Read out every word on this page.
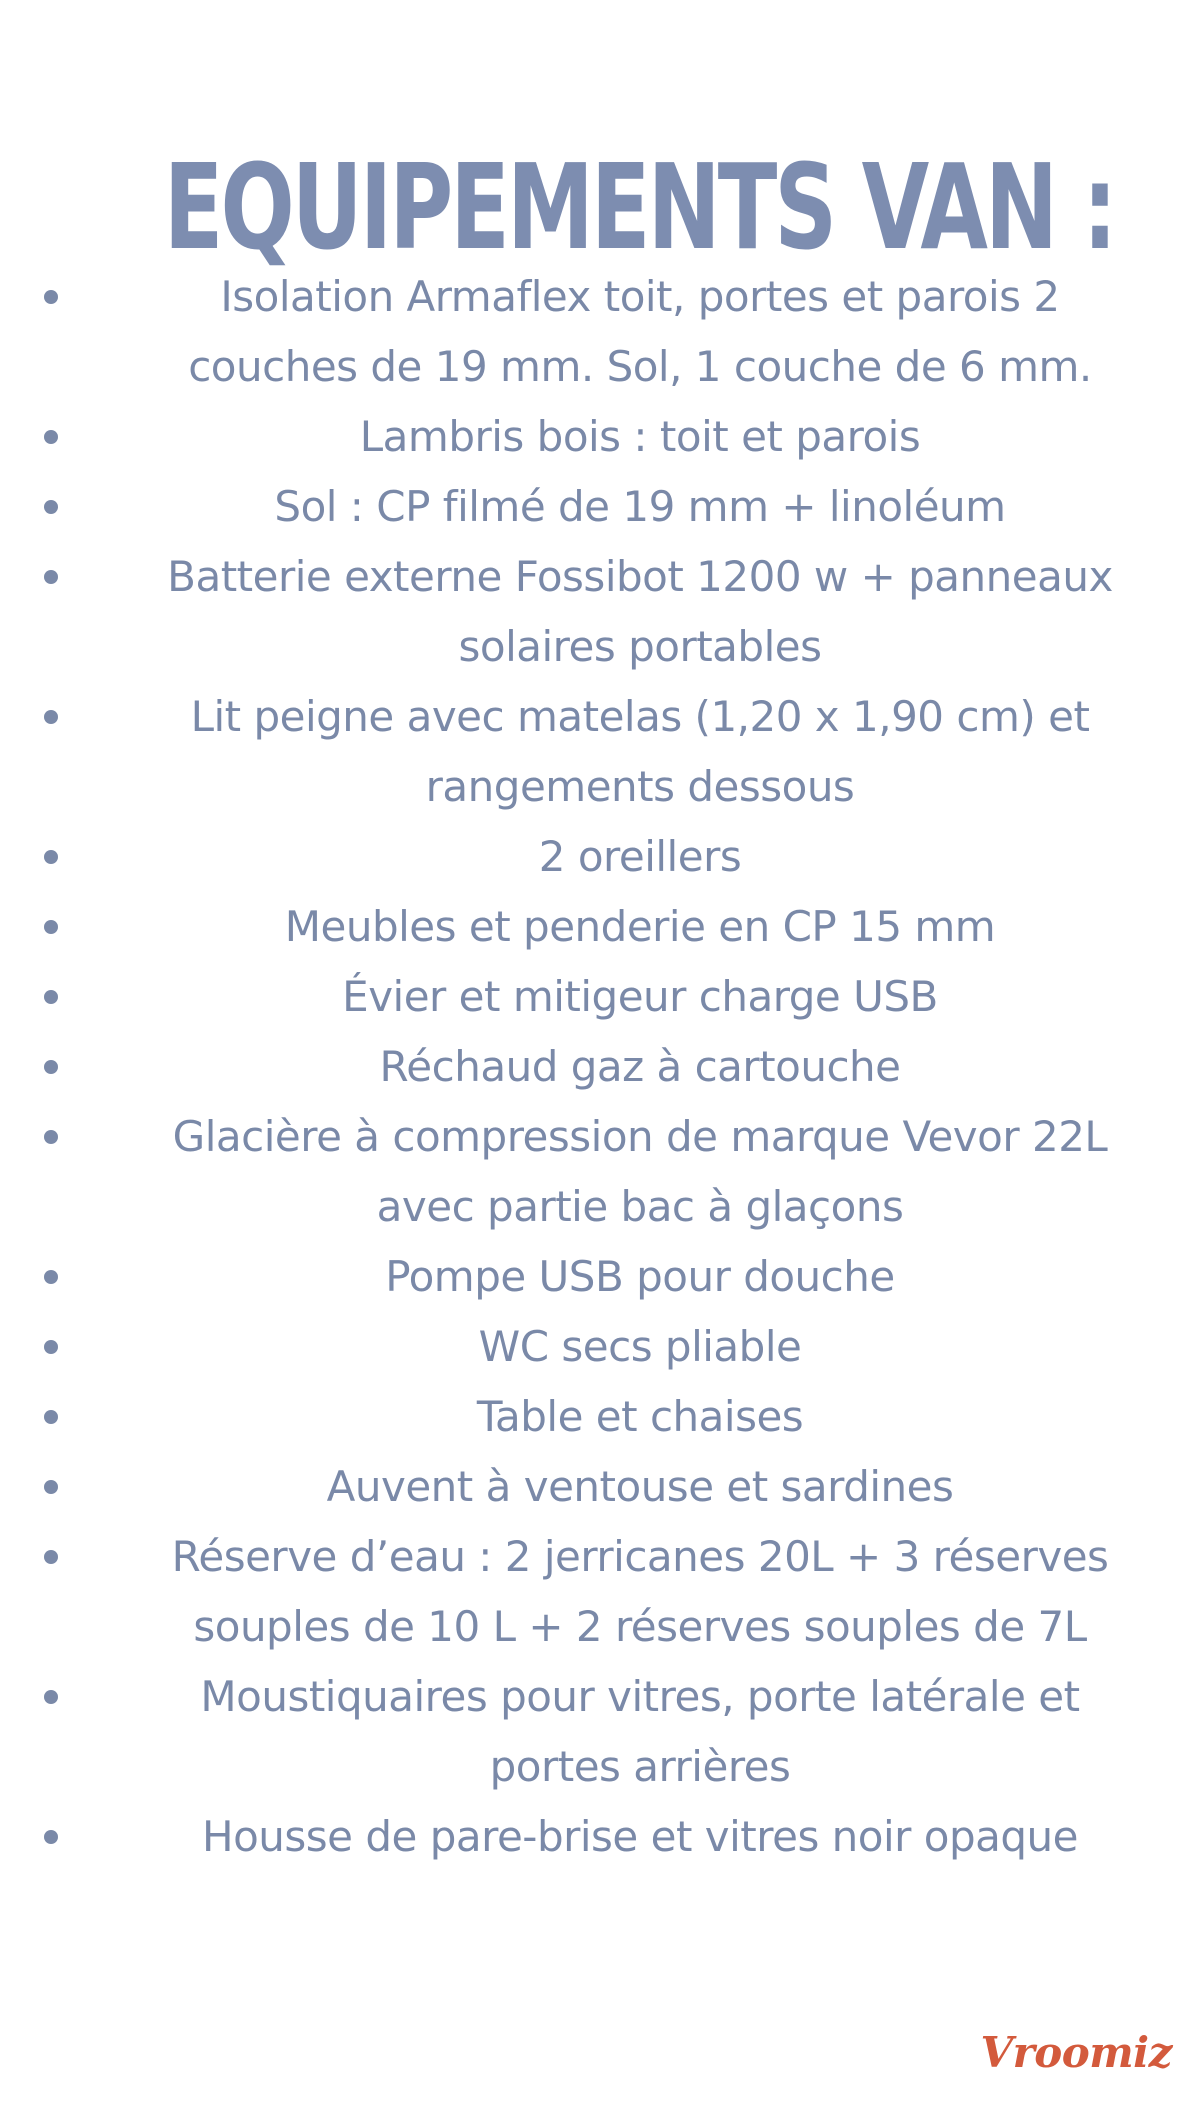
EQUIPEMENTS VAN :
Isolation Armaflex toit, portes et parois 2
couches de 19 mm. Sol, 1 couche de 6 mm.
Lambris bois : toit et parois
Sol : CP filmé de 19 mm + linoléum
Batterie externe Fossibot 1200 w + panneaux
solaires portables
Lit peigne avec matelas (1,20 x 1,90 cm) et
rangements dessous
2 oreillers
Meubles et penderie en CP 15 mm
Évier et mitigeur charge USB
Réchaud gaz à cartouche
Glacière à compression de marque Vevor 22L
avec partie bac à glaçons
Pompe USB pour douche
WC secs pliable
Table et chaises
Auvent à ventouse et sardines
Réserve d’eau : 2 jerricanes 20L + 3 réserves
souples de 10 L + 2 réserves souples de 7L
Moustiquaires pour vitres, porte latérale et
portes arrières
Housse de pare-brise et vitres noir opaque
Vroomiz
